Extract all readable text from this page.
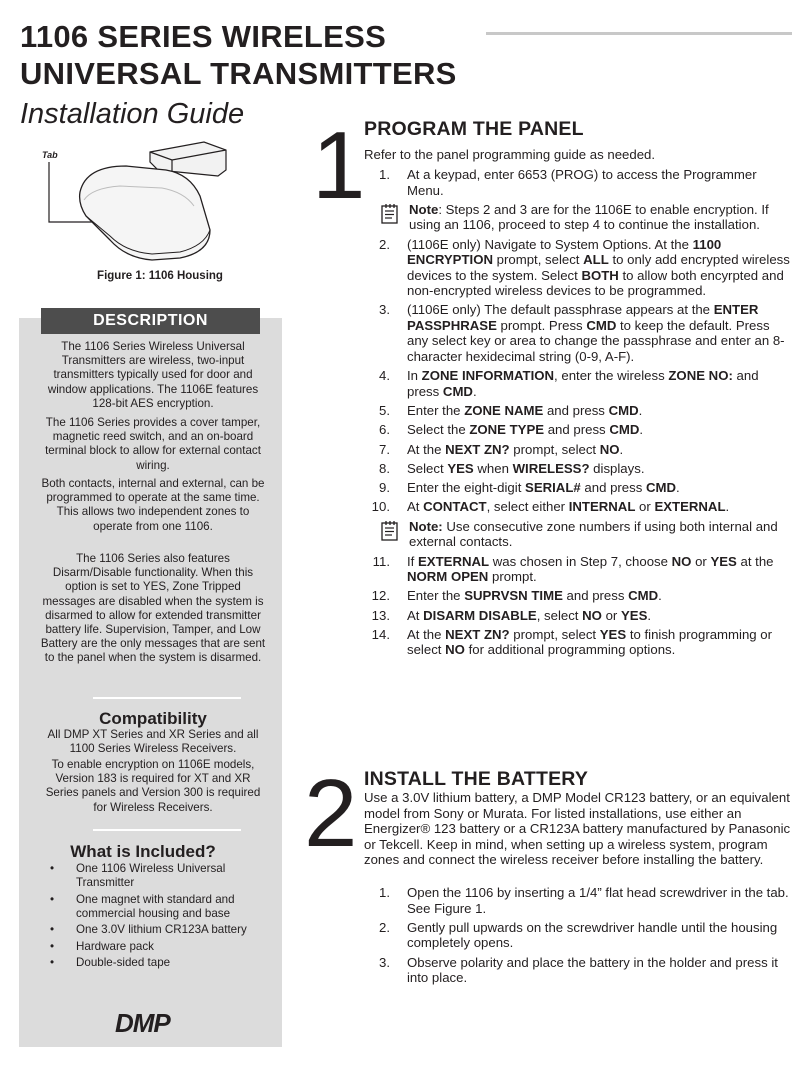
1106 SERIES WIRELESS
UNIVERSAL TRANSMITTERS
Installation Guide
Tab
Figure 1: 1106 Housing
DESCRIPTION
The 1106 Series Wireless Universal Transmitters are wireless, two-input transmitters typically used for door and window applications. The 1106E features 128-bit AES encryption.
The 1106 Series provides a cover tamper, magnetic reed switch, and an on-board terminal block to allow for external contact wiring.
Both contacts, internal and external, can be programmed to operate at the same time. This allows two independent zones to operate from one 1106.
The 1106 Series also features Disarm/Disable functionality. When this option is set to YES, Zone Tripped messages are disabled when the system is disarmed to allow for extended transmitter battery life. Supervision, Tamper, and Low Battery are the only messages that are sent to the panel when the system is disarmed.
Compatibility
All DMP XT Series and XR Series and all 1100 Series Wireless Receivers.
To enable encryption on 1106E models, Version 183 is required for XT and XR Series panels and Version 300 is required for Wireless Receivers.
What is Included?
• One 1106 Wireless Universal Transmitter
• One magnet with standard and commercial housing and base
• One 3.0V lithium CR123A battery
• Hardware pack
• Double-sided tape
DMP
1
PROGRAM THE PANEL
Refer to the panel programming guide as needed.
1. At a keypad, enter 6653 (PROG) to access the Programmer Menu.
Note: Steps 2 and 3 are for the 1106E to enable encryption. If using an 1106, proceed to step 4 to continue the installation.
2. (1106E only) Navigate to System Options. At the 1100 ENCRYPTION prompt, select ALL to only add encrypted wireless devices to the system. Select BOTH to allow both encyrpted and non-encrypted wireless devices to be programmed.
3. (1106E only) The default passphrase appears at the ENTER PASSPHRASE prompt. Press CMD to keep the default. Press any select key or area to change the passphrase and enter an 8-character hexidecimal string (0-9, A-F).
4. In ZONE INFORMATION, enter the wireless ZONE NO: and press CMD.
5. Enter the ZONE NAME and press CMD.
6. Select the ZONE TYPE and press CMD.
7. At the NEXT ZN? prompt, select NO.
8. Select YES when WIRELESS? displays.
9. Enter the eight-digit SERIAL# and press CMD.
10. At CONTACT, select either INTERNAL or EXTERNAL.
Note: Use consecutive zone numbers if using both internal and external contacts.
11. If EXTERNAL was chosen in Step 7, choose NO or YES at the NORM OPEN prompt.
12. Enter the SUPRVSN TIME and press CMD.
13. At DISARM DISABLE, select NO or YES.
14. At the NEXT ZN? prompt, select YES to finish programming or select NO for additional programming options.
2 INSTALL THE BATTERY
Use a 3.0V lithium battery, a DMP Model CR123 battery, or an equivalent model from Sony or Murata. For listed installations, use either an Energizer® 123 battery or a CR123A battery manufactured by Panasonic or Tekcell. Keep in mind, when setting up a wireless system, program zones and connect the wireless receiver before installing the battery.
1. Open the 1106 by inserting a 1/4” flat head screwdriver in the tab. See Figure 1.
2. Gently pull upwards on the screwdriver handle until the housing completely opens.
3. Observe polarity and place the battery in the holder and press it into place.
